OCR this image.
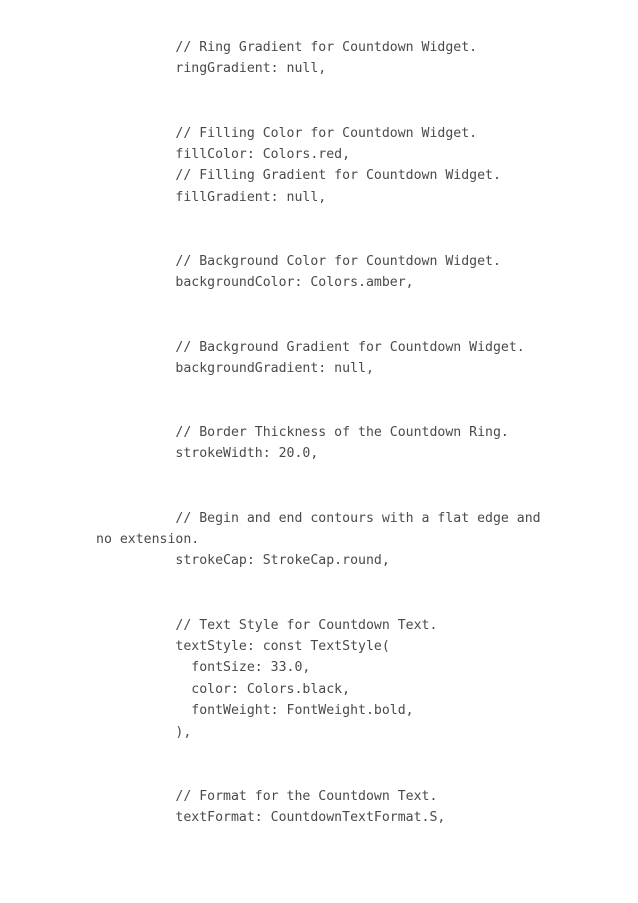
// Ring Gradient for Countdown Widget.
ringGradient: null,
// Filling Color for Countdown Widget.
fillColor: Colors.red,
// Filling Gradient for Countdown Widget.
fillGradient: null,
// Background Color for Countdown Widget.
backgroundColor: Colors.amber,
// Background Gradient for Countdown Widget.
backgroundGradient: null,
// Border Thickness of the Countdown Ring.
strokeWidth: 20.0,
// Begin and end contours with a flat edge and
no extension.
strokeCap: StrokeCap.round,
// Text Style for Countdown Text.
textStyle: const TextStyle(
fontSize: 33.0,
color: Colors.black,
fontWeight: FontWeight.bold,
),
// Format for the Countdown Text.
textFormat: CountdownTextFormat.S,
